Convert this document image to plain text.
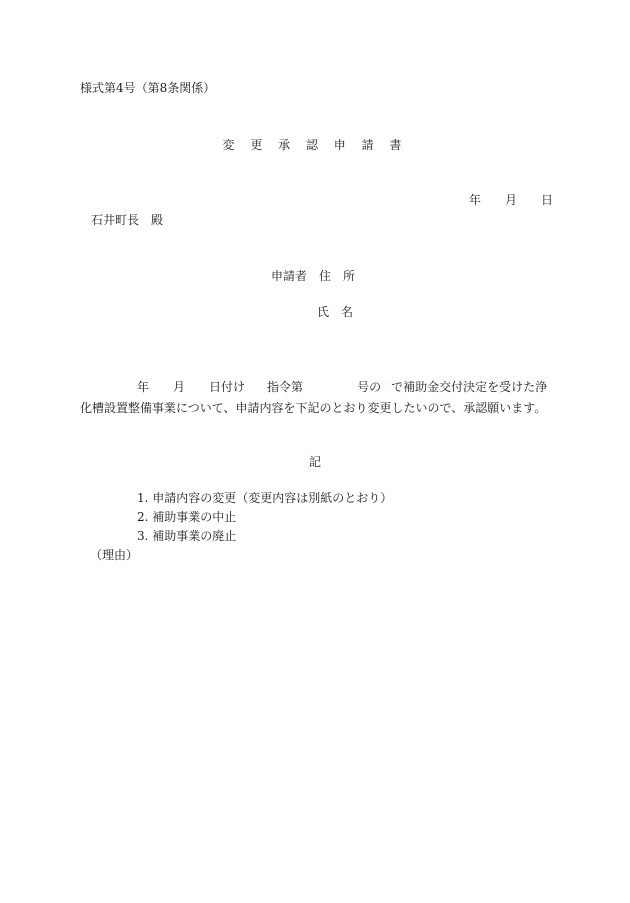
様式第4号（第8条関係）
変 更 承 認 申 請 書
年 月 日
石井町長　殿
申請者 住　所
氏　名
年 月 日付け 指令第	号の で補助金交付決定を受けた浄
化槽設置整備事業について、申請内容を下記のとおり変更したいので、承認願います。
記
1. 申請内容の変更（変更内容は別紙のとおり）
2. 補助事業の中止
3. 補助事業の廃止
（理由）
